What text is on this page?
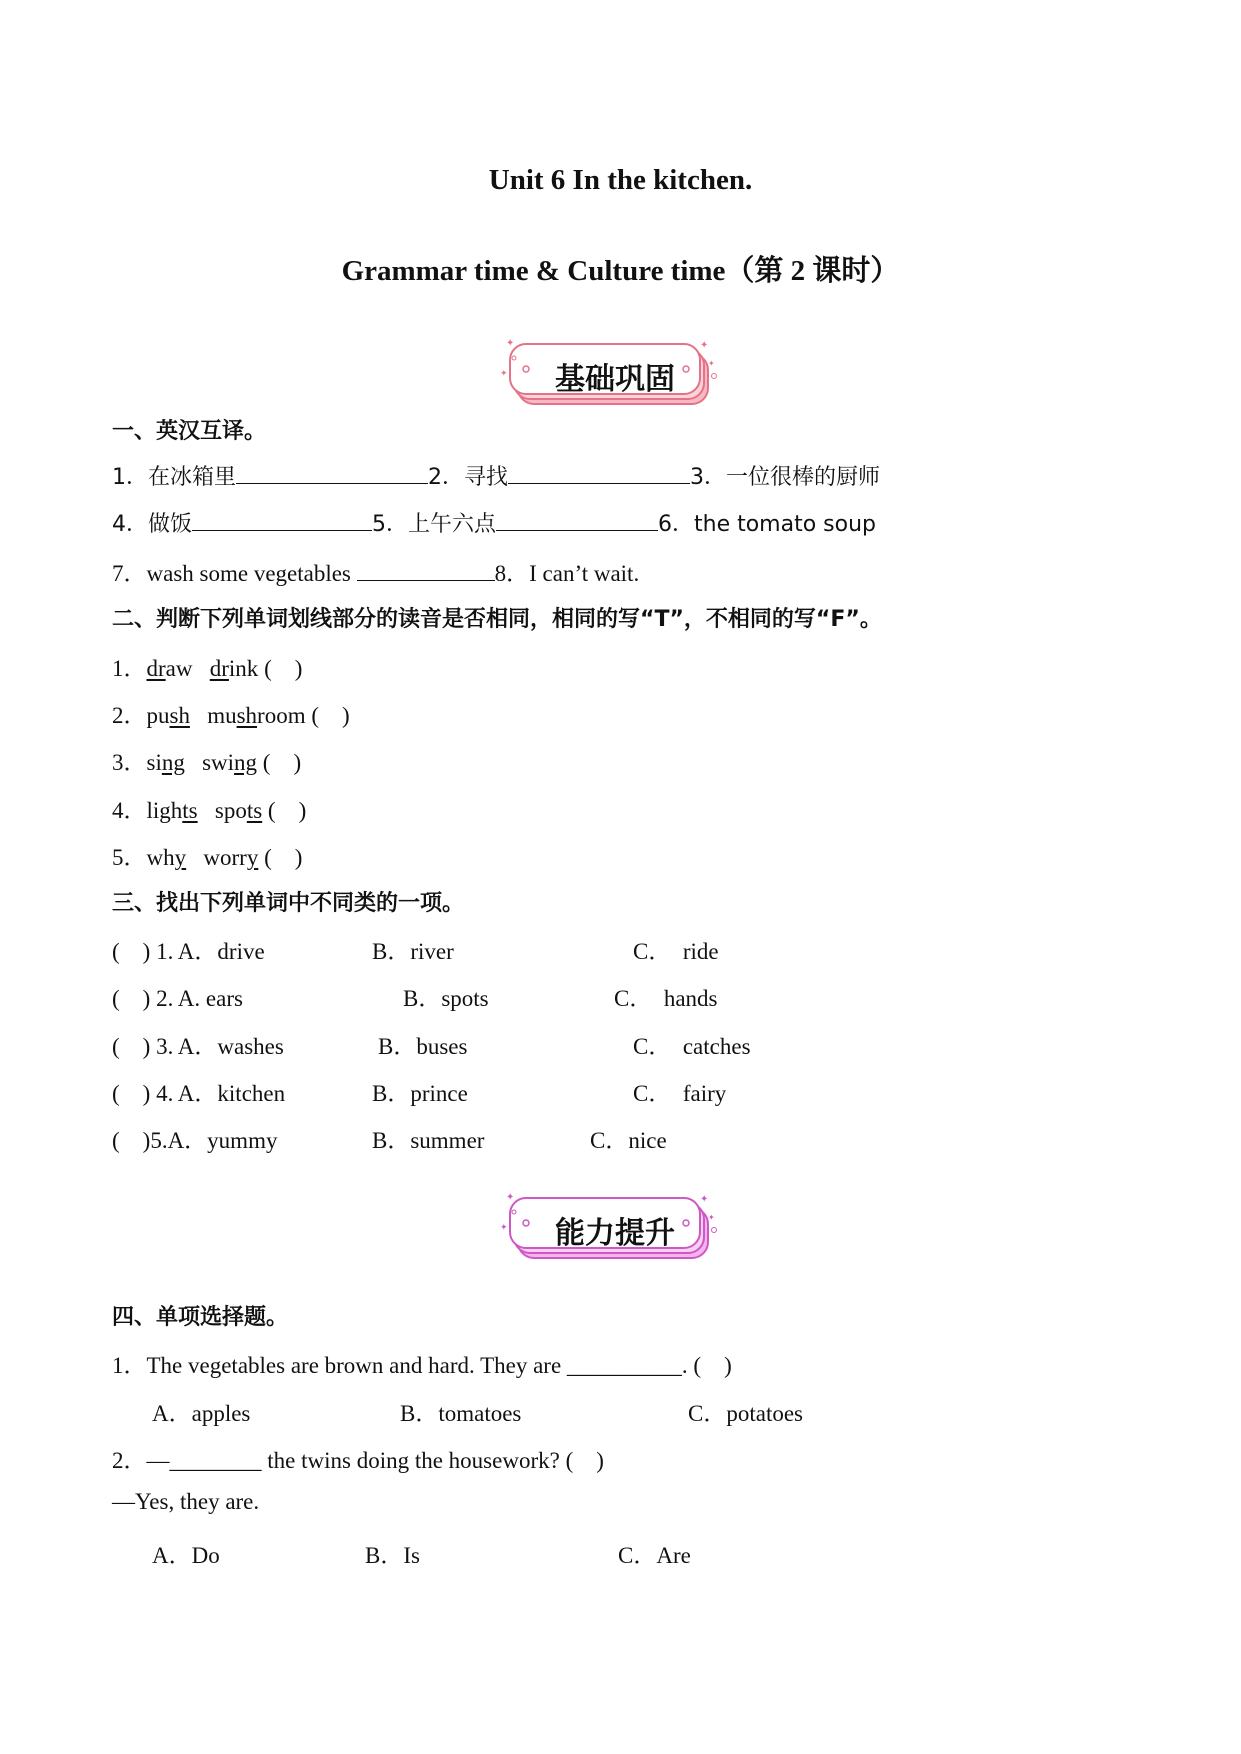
Unit 6 In the kitchen.
Grammar time & Culture time（第 2 课时）
✦
✦
✦
✦
基础巩固
一、英汉互译。
1．在冰箱里	2．寻找	3．一位很棒的厨师
4．做饭	5．上午六点	6．the tomato soup
7．wash some vegetables	8．I can’t wait.
二、判断下列单词划线部分的读音是否相同，相同的写“T”，不相同的写“F”。
1．draw drink (　)
2．push mushroom (　)
3．sing swing (　)
4．lights spots (　)
5．why worry (　)
三、找出下列单词中不同类的一项。
(　) 1. A．drive	B．river	C．　ride
(　) 2. A. ears	B．spots	C．　hands
(　) 3. A．washes	B．buses	C．　catches
(　) 4. A．kitchen	B．prince	C．　fairy
(　)5.A．yummy	B．summer	C．nice
✦
✦
✦
✦
能力提升
四、单项选择题。
1．The vegetables are brown and hard. They are __________. (　)
A．apples	B．tomatoes	C．potatoes
2．—________ the twins doing the housework? (　)
—Yes, they are.
A．Do	B．Is	C．Are
